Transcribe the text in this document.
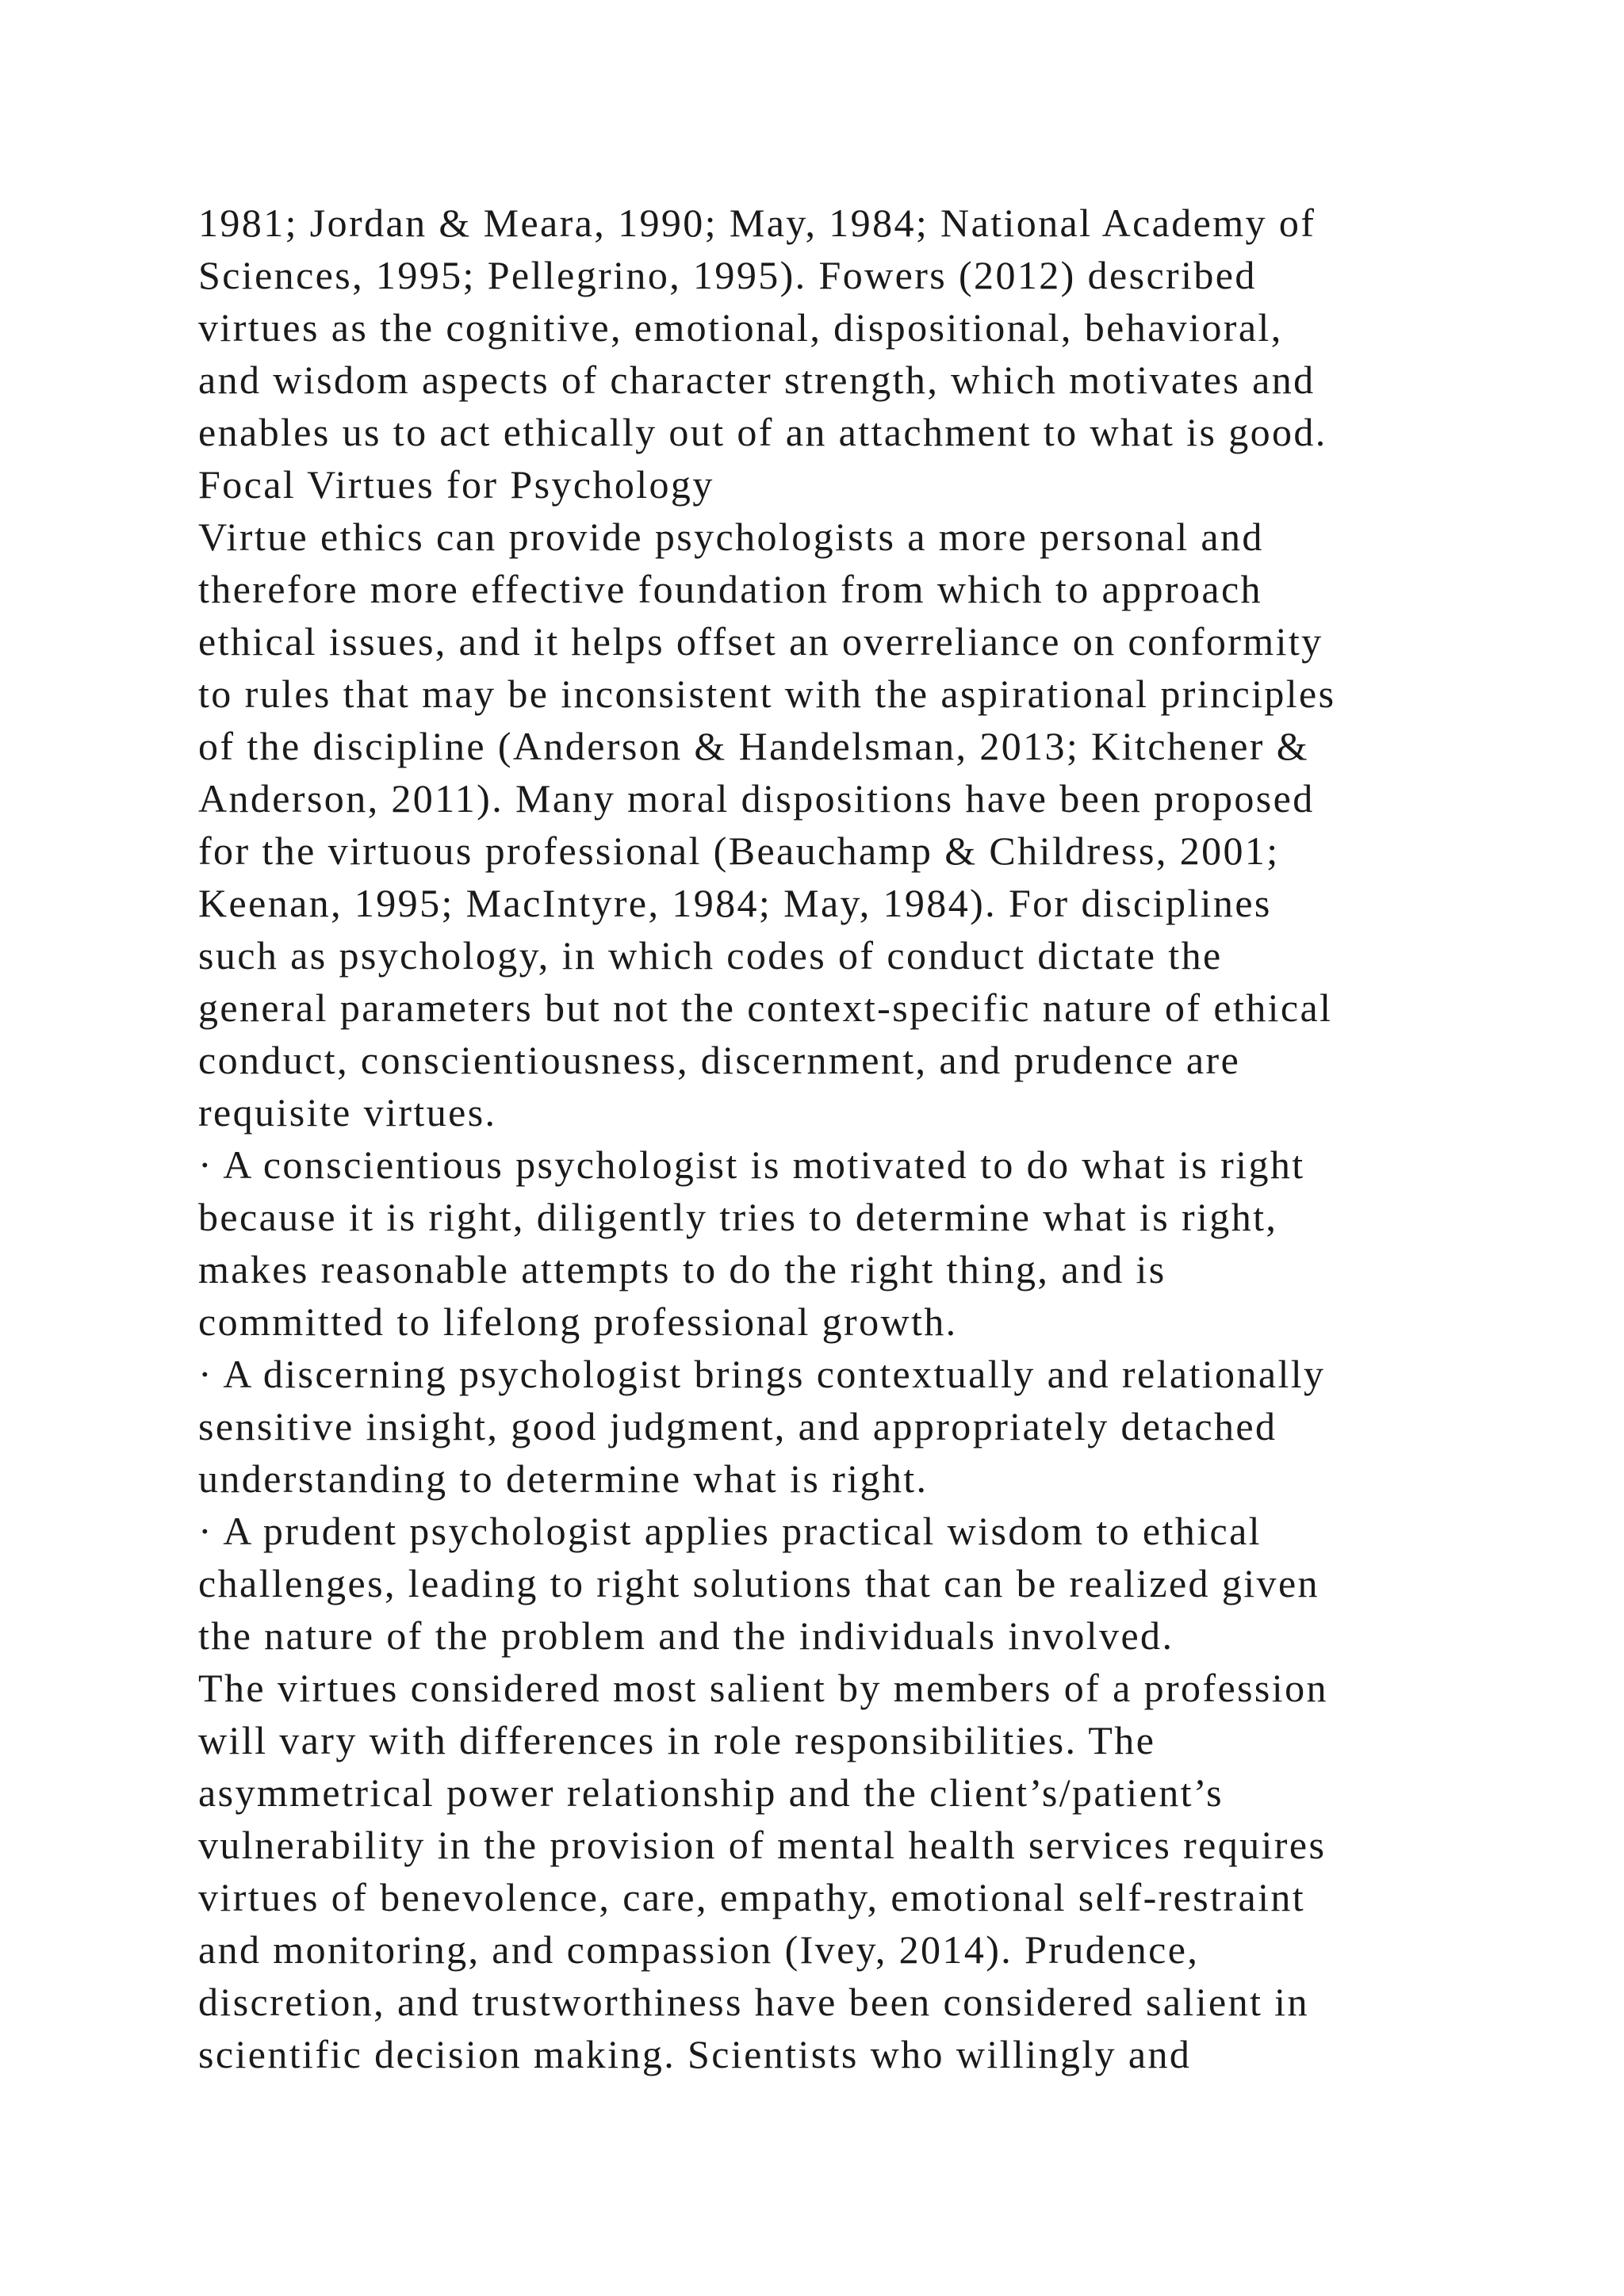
1981; Jordan & Meara, 1990; May, 1984; National Academy of
Sciences, 1995; Pellegrino, 1995). Fowers (2012) described
virtues as the cognitive, emotional, dispositional, behavioral,
and wisdom aspects of character strength, which motivates and
enables us to act ethically out of an attachment to what is good.
Focal Virtues for Psychology
Virtue ethics can provide psychologists a more personal and
therefore more effective foundation from which to approach
ethical issues, and it helps offset an overreliance on conformity
to rules that may be inconsistent with the aspirational principles
of the discipline (Anderson & Handelsman, 2013; Kitchener &
Anderson, 2011). Many moral dispositions have been proposed
for the virtuous professional (Beauchamp & Childress, 2001;
Keenan, 1995; MacIntyre, 1984; May, 1984). For disciplines
such as psychology, in which codes of conduct dictate the
general parameters but not the context-specific nature of ethical
conduct, conscientiousness, discernment, and prudence are
requisite virtues.
· A conscientious psychologist is motivated to do what is right
because it is right, diligently tries to determine what is right,
makes reasonable attempts to do the right thing, and is
committed to lifelong professional growth.
· A discerning psychologist brings contextually and relationally
sensitive insight, good judgment, and appropriately detached
understanding to determine what is right.
· A prudent psychologist applies practical wisdom to ethical
challenges, leading to right solutions that can be realized given
the nature of the problem and the individuals involved.
The virtues considered most salient by members of a profession
will vary with differences in role responsibilities. The
asymmetrical power relationship and the client’s/patient’s
vulnerability in the provision of mental health services requires
virtues of benevolence, care, empathy, emotional self-restraint
and monitoring, and compassion (Ivey, 2014). Prudence,
discretion, and trustworthiness have been considered salient in
scientific decision making. Scientists who willingly and
